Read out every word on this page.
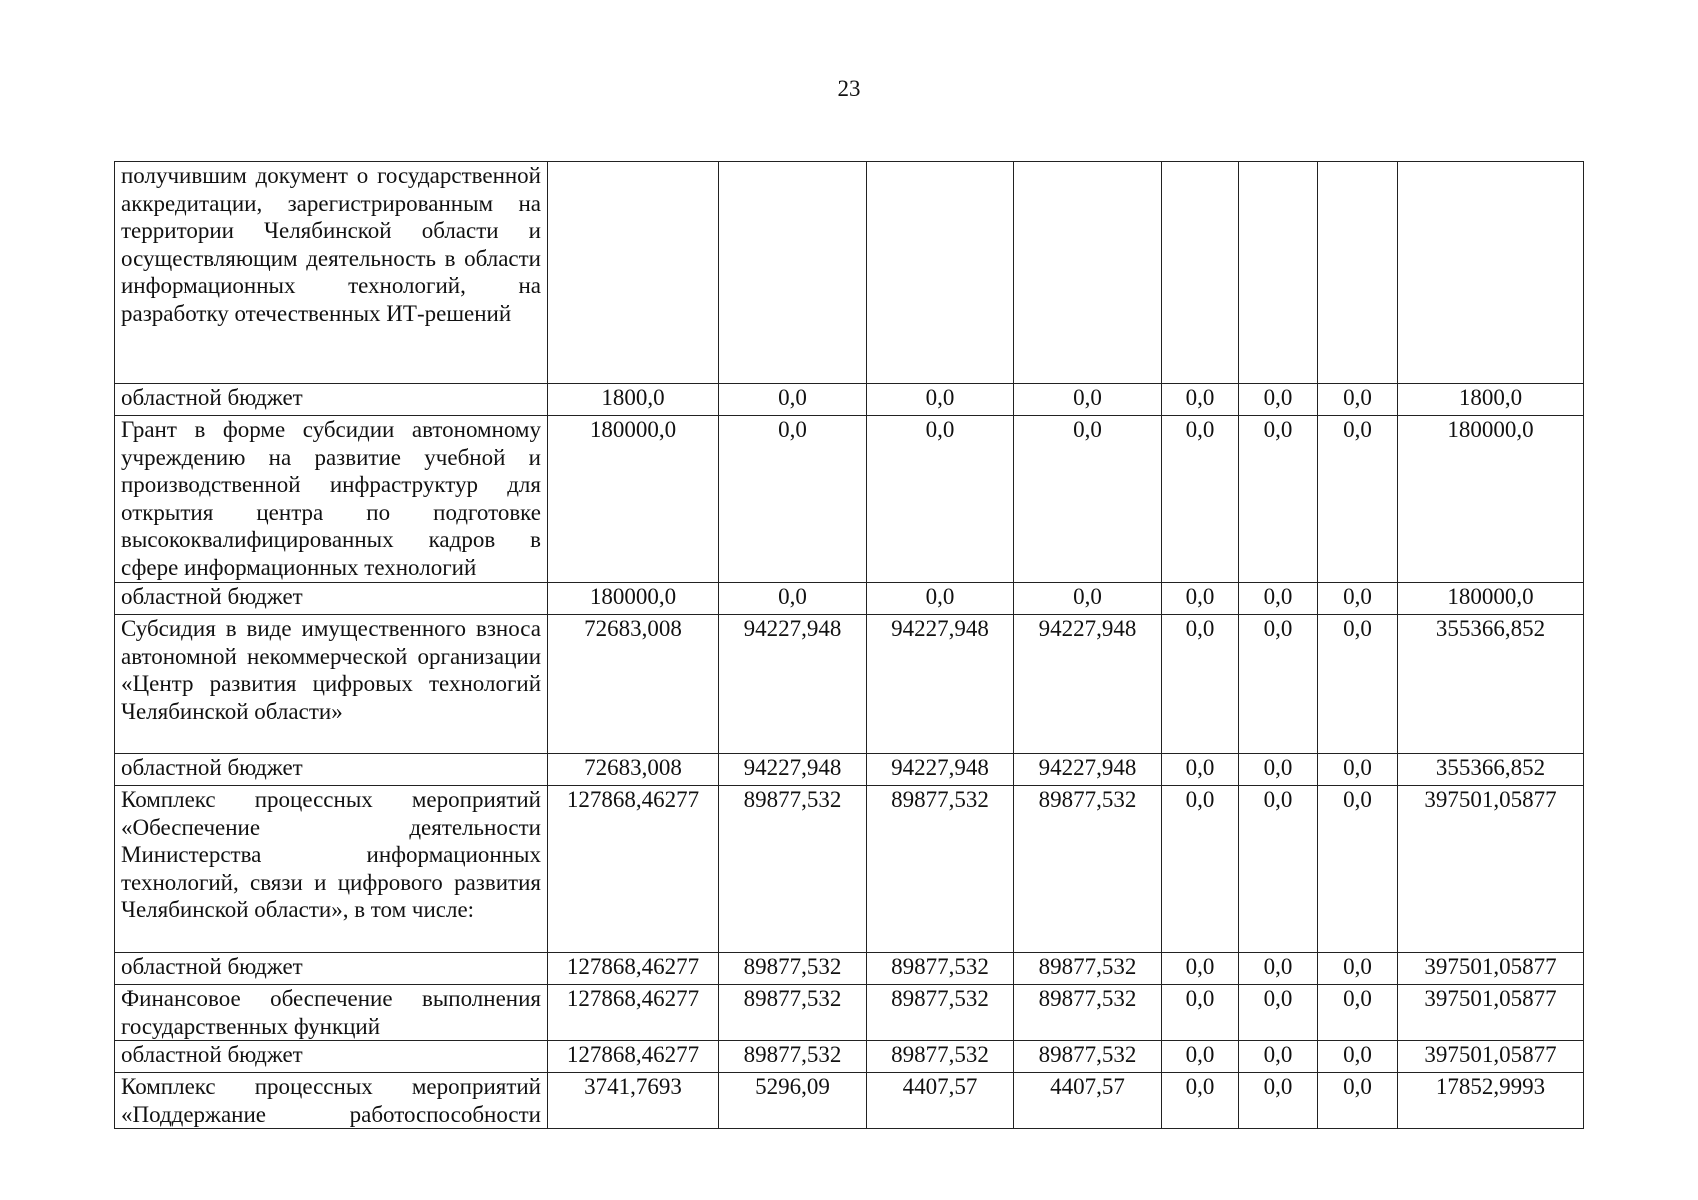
23
получившим документ о государственной аккредитации, зарегистрированным на территории Челябинской области и осуществляющим деятельность в области информационных технологий, на разработку отечественных ИТ-решений								
областной бюджет	1800,0	0,0	0,0	0,0	0,0	0,0	0,0	1800,0
Грант в форме субсидии автономному учреждению на развитие учебной и производственной инфраструктур для открытия центра по подготовке высококвалифицированных кадров в сфере информационных технологий	180000,0	0,0	0,0	0,0	0,0	0,0	0,0	180000,0
областной бюджет	180000,0	0,0	0,0	0,0	0,0	0,0	0,0	180000,0
Субсидия в виде имущественного взноса автономной некоммерческой организации «Центр развития цифровых технологий Челябинской области»	72683,008	94227,948	94227,948	94227,948	0,0	0,0	0,0	355366,852
областной бюджет	72683,008	94227,948	94227,948	94227,948	0,0	0,0	0,0	355366,852
Комплекс процессных мероприятий «Обеспечение деятельности Министерства информационных технологий, связи и цифрового развития Челябинской области», в том числе:	127868,46277	89877,532	89877,532	89877,532	0,0	0,0	0,0	397501,05877
областной бюджет	127868,46277	89877,532	89877,532	89877,532	0,0	0,0	0,0	397501,05877
Финансовое обеспечение выполнения государственных функций	127868,46277	89877,532	89877,532	89877,532	0,0	0,0	0,0	397501,05877
областной бюджет	127868,46277	89877,532	89877,532	89877,532	0,0	0,0	0,0	397501,05877
Комплекс процессных мероприятий «Поддержание работоспособности	3741,7693	5296,09	4407,57	4407,57	0,0	0,0	0,0	17852,9993
